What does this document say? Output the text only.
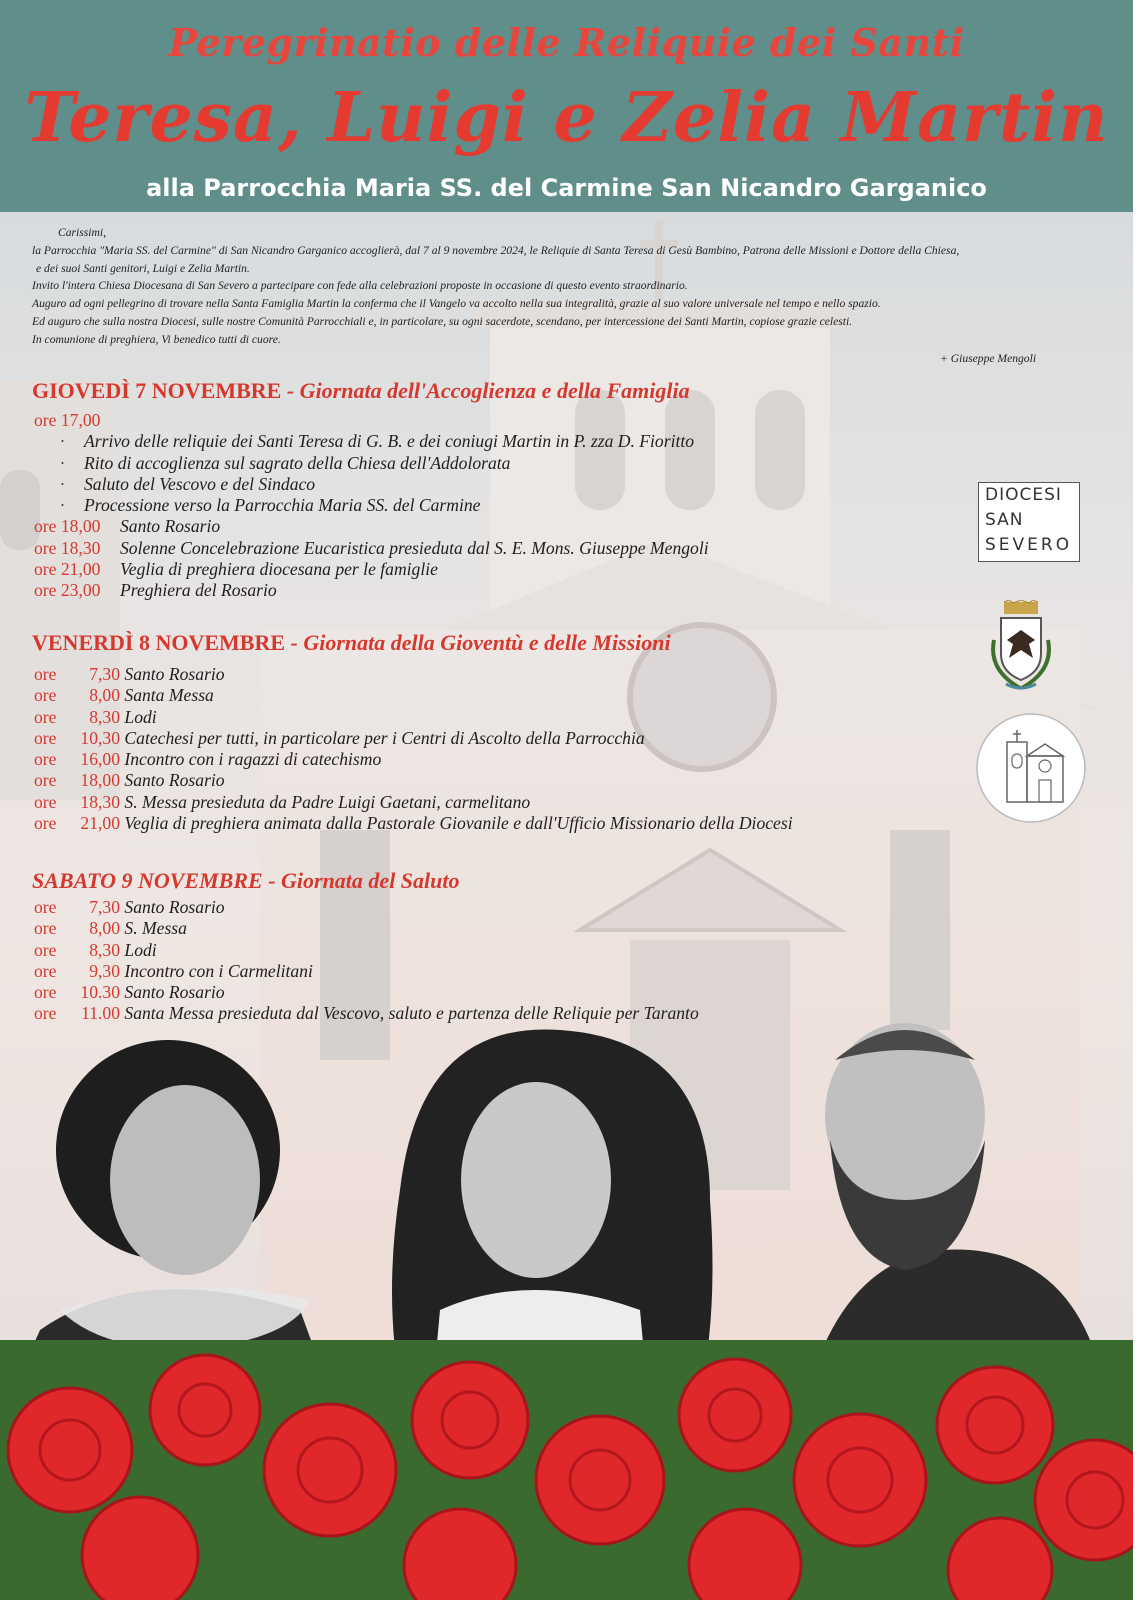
Peregrinatio delle Reliquie dei Santi
Teresa, Luigi e Zelia Martin
alla Parrocchia Maria SS. del Carmine San Nicandro Garganico
Carissimi,
la Parrocchia "Maria SS. del Carmine" di San Nicandro Garganico accoglierà, dal 7 al 9 novembre 2024, le Reliquie di Santa Teresa di Gesù Bambino, Patrona delle Missioni e Dottore della Chiesa,
e dei suoi Santi genitori, Luigi e Zelia Martin.
Invito l'intera Chiesa Diocesana di San Severo a partecipare con fede alla celebrazioni proposte in occasione di questo evento straordinario.
Auguro ad ogni pellegrino di trovare nella Santa Famiglia Martin la conferma che il Vangelo va accolto nella sua integralità, grazie al suo valore universale nel tempo e nello spazio.
Ed auguro che sulla nostra Diocesi, sulle nostre Comunità Parrocchiali e, in particolare, su ogni sacerdote, scendano, per intercessione dei Santi Martin, copiose grazie celesti.
In comunione di preghiera, Vi benedico tutti di cuore.
+ Giuseppe Mengoli
GIOVEDÌ 7 NOVEMBRE - Giornata dell'Accoglienza e della Famiglia
ore 17,00
· Arrivo delle reliquie dei Santi Teresa di G. B. e dei coniugi Martin in P. zza D. Fioritto
· Rito di accoglienza sul sagrato della Chiesa dell'Addolorata
· Saluto del Vescovo e del Sindaco
· Processione verso la Parrocchia Maria SS. del Carmine
ore 18,00 Santo Rosario
ore 18,30 Solenne Concelebrazione Eucaristica presieduta dal S. E. Mons. Giuseppe Mengoli
ore 21,00 Veglia di preghiera diocesana per le famiglie
ore 23,00 Preghiera del Rosario
VENERDÌ 8 NOVEMBRE - Giornata della Gioventù e delle Missioni
ore 7,30 Santo Rosario
ore 8,00 Santa Messa
ore 8,30 Lodi
ore 10,30 Catechesi per tutti, in particolare per i Centri di Ascolto della Parrocchia
ore 16,00 Incontro con i ragazzi di catechismo
ore 18,00 Santo Rosario
ore 18,30 S. Messa presieduta da Padre Luigi Gaetani, carmelitano
ore 21,00 Veglia di preghiera animata dalla Pastorale Giovanile e dall'Ufficio Missionario della Diocesi
SABATO 9 NOVEMBRE - Giornata del Saluto
ore 7,30 Santo Rosario
ore 8,00 S. Messa
ore 8,30 Lodi
ore 9,30 Incontro con i Carmelitani
ore 10.30 Santo Rosario
ore 11.00 Santa Messa presieduta dal Vescovo, saluto e partenza delle Reliquie per Taranto
DIOCESI
SAN
SEVERO
